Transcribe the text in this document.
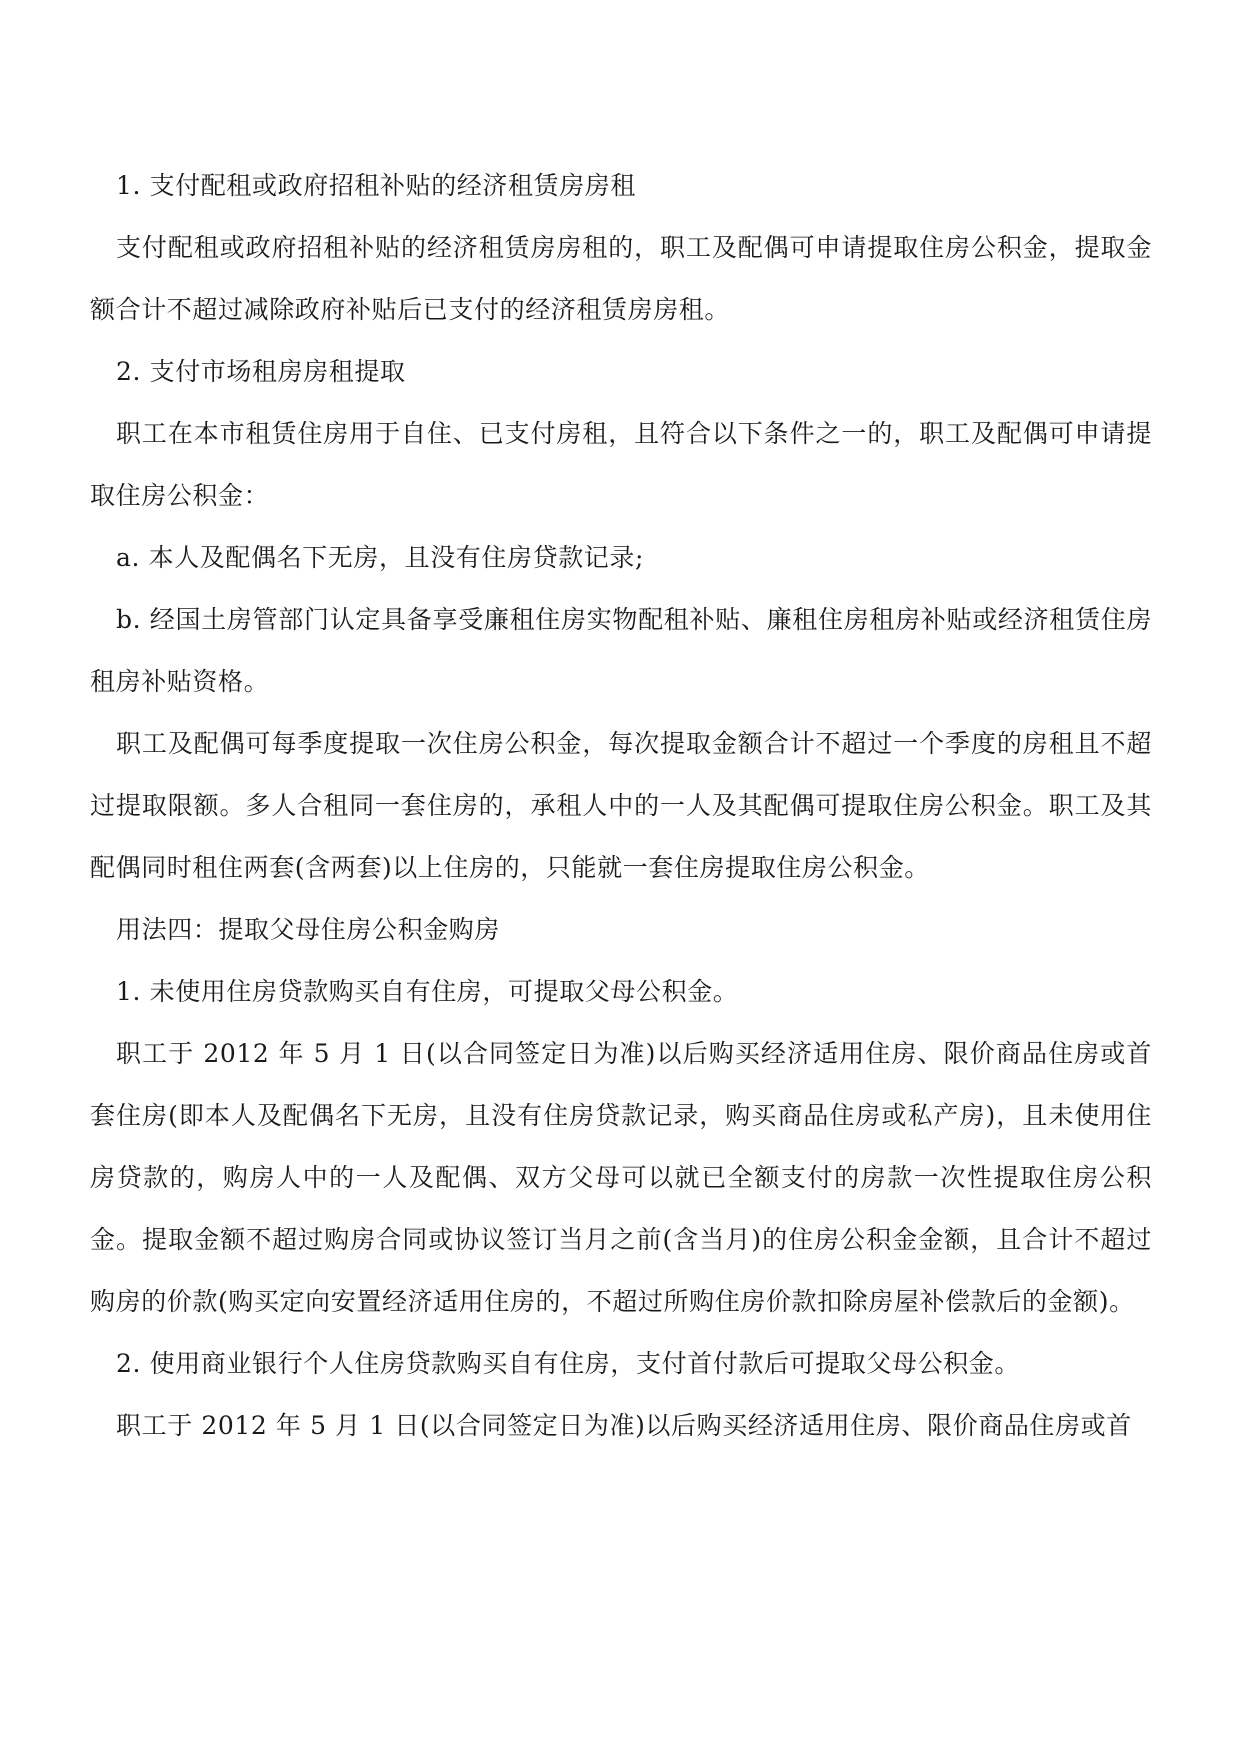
1. 支付配租或政府招租补贴的经济租赁房房租

支付配租或政府招租补贴的经济租赁房房租的，职工及配偶可申请提取住房公积金，提取金额合计不超过减除政府补贴后已支付的经济租赁房房租。

2. 支付市场租房房租提取

职工在本市租赁住房用于自住、已支付房租，且符合以下条件之一的，职工及配偶可申请提取住房公积金：

a. 本人及配偶名下无房，且没有住房贷款记录;

b. 经国土房管部门认定具备享受廉租住房实物配租补贴、廉租住房租房补贴或经济租赁住房租房补贴资格。

职工及配偶可每季度提取一次住房公积金，每次提取金额合计不超过一个季度的房租且不超过提取限额。多人合租同一套住房的，承租人中的一人及其配偶可提取住房公积金。职工及其配偶同时租住两套(含两套)以上住房的，只能就一套住房提取住房公积金。

用法四：提取父母住房公积金购房

1. 未使用住房贷款购买自有住房，可提取父母公积金。

职工于 2012 年 5 月 1 日(以合同签定日为准)以后购买经济适用住房、限价商品住房或首套住房(即本人及配偶名下无房，且没有住房贷款记录，购买商品住房或私产房)，且未使用住房贷款的，购房人中的一人及配偶、双方父母可以就已全额支付的房款一次性提取住房公积金。提取金额不超过购房合同或协议签订当月之前(含当月)的住房公积金金额，且合计不超过购房的价款(购买定向安置经济适用住房的，不超过所购住房价款扣除房屋补偿款后的金额)。

2. 使用商业银行个人住房贷款购买自有住房，支付首付款后可提取父母公积金。

职工于 2012 年 5 月 1 日(以合同签定日为准)以后购买经济适用住房、限价商品住房或首
